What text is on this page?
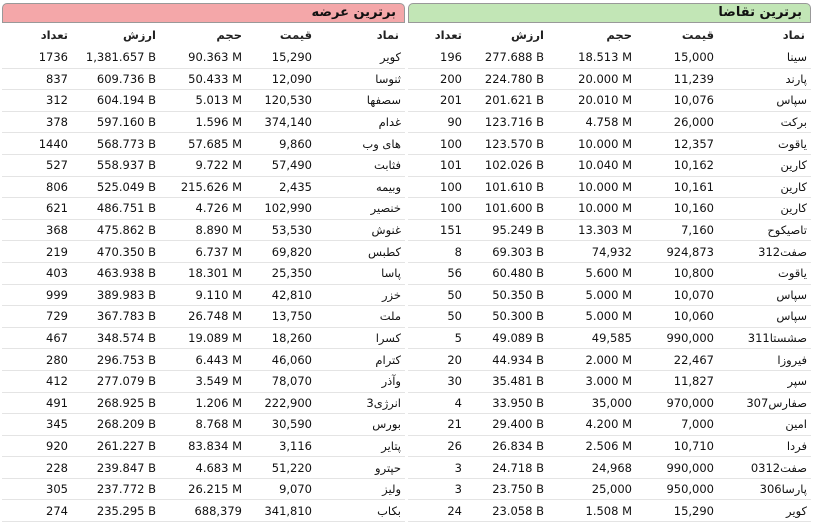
برترین عرضه
تعداد	ارزش	حجم	قیمت	نماد
1736	1,381.657 B	90.363 M	15,290	کویر
837	609.736 B	50.433 M	12,090	ثنوسا
312	604.194 B	5.013 M	120,530	سصفها
378	597.160 B	1.596 M	374,140	غدام
1440	568.773 B	57.685 M	9,860	های وب
527	558.937 B	9.722 M	57,490	فثابت
806	525.049 B	215.626 M	2,435	وبیمه
621	486.751 B	4.726 M	102,990	خنصیر
368	475.862 B	8.890 M	53,530	غنوش
219	470.350 B	6.737 M	69,820	کطبس
403	463.938 B	18.301 M	25,350	پاسا
999	389.983 B	9.110 M	42,810	خزر
729	367.783 B	26.748 M	13,750	ملت
467	348.574 B	19.089 M	18,260	کسرا
280	296.753 B	6.443 M	46,060	کترام
412	277.079 B	3.549 M	78,070	وآذر
491	268.925 B	1.206 M	222,900	انرژی3
345	268.209 B	8.768 M	30,590	بورس
920	261.227 B	83.834 M	3,116	پتایر
228	239.847 B	4.683 M	51,220	حپترو
305	237.772 B	26.215 M	9,070	ولیز
274	235.295 B	688,379	341,810	بکاب
برترین تقاضا
تعداد	ارزش	حجم	قیمت	نماد
196	277.688 B	18.513 M	15,000	سینا
200	224.780 B	20.000 M	11,239	پارند
201	201.621 B	20.010 M	10,076	سپاس
90	123.716 B	4.758 M	26,000	برکت
100	123.570 B	10.000 M	12,357	یاقوت
101	102.026 B	10.040 M	10,162	کارین
100	101.610 B	10.000 M	10,161	کارین
100	101.600 B	10.000 M	10,160	کارین
151	95.249 B	13.303 M	7,160	تاصیکوح
8	69.303 B	74,932	924,873	صفت312
56	60.480 B	5.600 M	10,800	یاقوت
50	50.350 B	5.000 M	10,070	سپاس
50	50.300 B	5.000 M	10,060	سپاس
5	49.089 B	49,585	990,000	صشستا311
20	44.934 B	2.000 M	22,467	فیروزا
30	35.481 B	3.000 M	11,827	سپر
4	33.950 B	35,000	970,000	صفارس307
21	29.400 B	4.200 M	7,000	امین
26	26.834 B	2.506 M	10,710	فردا
3	24.718 B	24,968	990,000	صفت0312
3	23.750 B	25,000	950,000	پارسا306
24	23.058 B	1.508 M	15,290	کویر
